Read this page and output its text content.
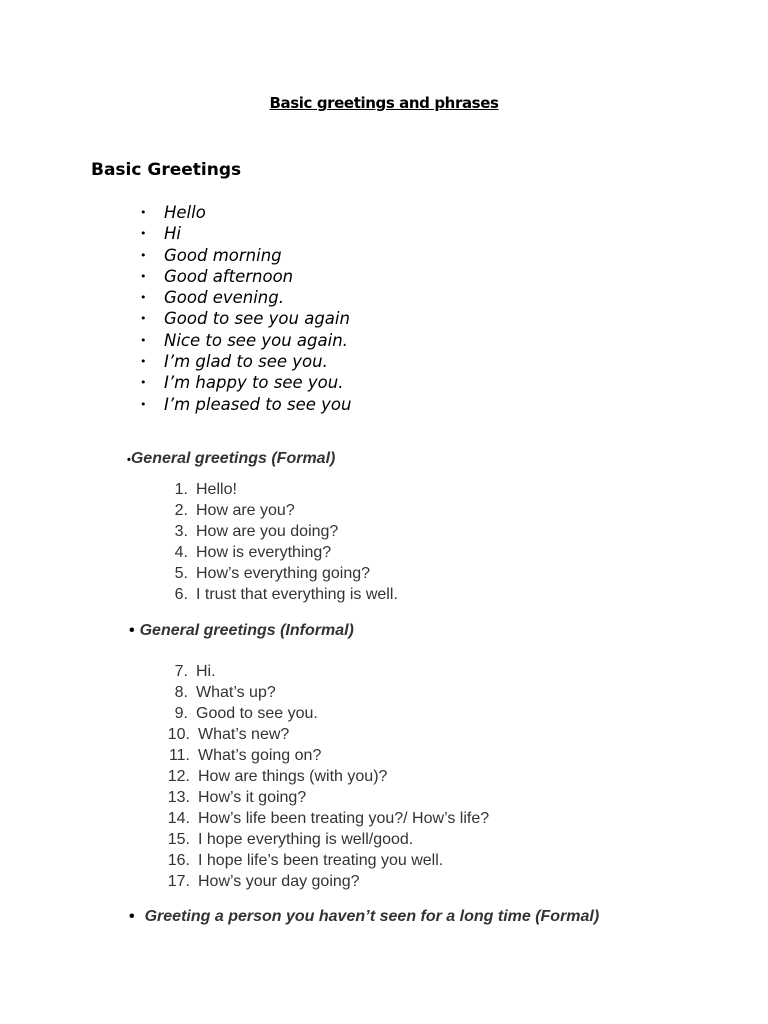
Basic greetings and phrases
Basic Greetings
• Hello
• Hi
• Good morning
• Good afternoon
• Good evening.
• Good to see you again
• Nice to see you again.
• I’m glad to see you.
• I’m happy to see you.
• I’m pleased to see you
•General greetings (Formal)
1. Hello!
2. How are you?
3. How are you doing?
4. How is everything?
5. How’s everything going?
6. I trust that everything is well.
• General greetings (Informal)
7. Hi.
8. What’s up?
9. Good to see you.
10. What’s new?
11. What’s going on?
12. How are things (with you)?
13. How’s it going?
14. How’s life been treating you?/ How’s life?
15. I hope everything is well/good.
16. I hope life’s been treating you well.
17. How’s your day going?
• Greeting a person you haven’t seen for a long time (Formal)
